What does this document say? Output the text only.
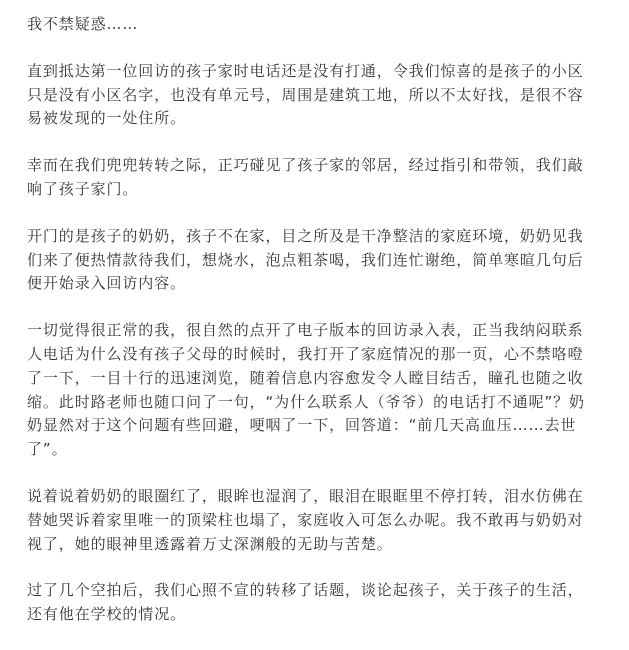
我不禁疑惑……

直到抵达第一位回访的孩子家时电话还是没有打通，令我们惊喜的是孩子的小区
只是没有小区名字，也没有单元号，周围是建筑工地，所以不太好找，是很不容
易被发现的一处住所。

幸而在我们兜兜转转之际，正巧碰见了孩子家的邻居，经过指引和带领，我们敲
响了孩子家门。

开门的是孩子的奶奶，孩子不在家，目之所及是干净整洁的家庭环境，奶奶见我
们来了便热情款待我们，想烧水，泡点粗茶喝，我们连忙谢绝，简单寒暄几句后
便开始录入回访内容。

一切觉得很正常的我，很自然的点开了电子版本的回访录入表，正当我纳闷联系
人电话为什么没有孩子父母的时候时，我打开了家庭情况的那一页，心不禁咯噔
了一下，一目十行的迅速浏览，随着信息内容愈发令人瞠目结舌，瞳孔也随之收
缩。此时路老师也随口问了一句，“为什么联系人（爷爷）的电话打不通呢”？奶
奶显然对于这个问题有些回避，哽咽了一下，回答道：“前几天高血压……去世
了”。

说着说着奶奶的眼圈红了，眼眸也湿润了，眼泪在眼眶里不停打转，泪水仿佛在
替她哭诉着家里唯一的顶梁柱也塌了，家庭收入可怎么办呢。我不敢再与奶奶对
视了，她的眼神里透露着万丈深渊般的无助与苦楚。

过了几个空拍后，我们心照不宣的转移了话题，谈论起孩子，关于孩子的生活，
还有他在学校的情况。
